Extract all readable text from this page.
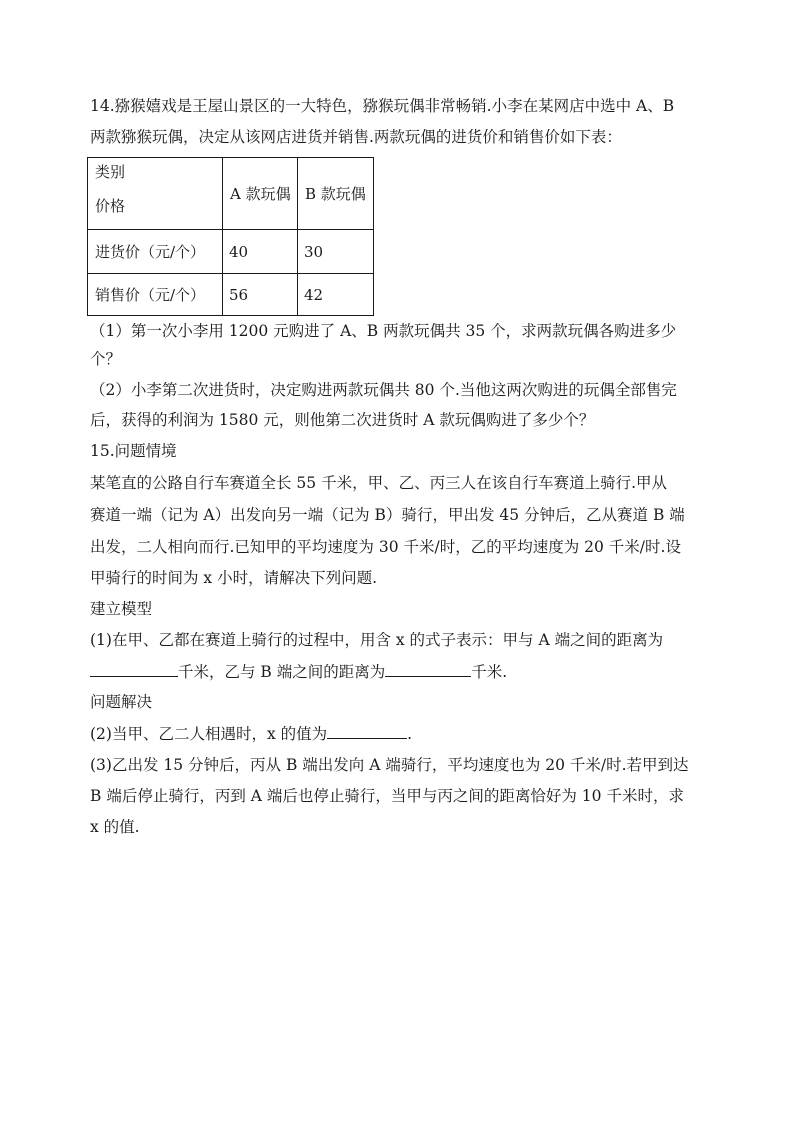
14.猕猴嬉戏是王屋山景区的一大特色，猕猴玩偶非常畅销.小李在某网店中选中 A、B
两款猕猴玩偶，决定从该网店进货并销售.两款玩偶的进货价和销售价如下表：
类别
价格	A 款玩偶	B 款玩偶
进货价（元/个）	40	30
销售价（元/个）	56	42
（1）第一次小李用 1200 元购进了 A、B 两款玩偶共 35 个，求两款玩偶各购进多少
个？
（2）小李第二次进货时，决定购进两款玩偶共 80 个.当他这两次购进的玩偶全部售完
后，获得的利润为 1580 元，则他第二次进货时 A 款玩偶购进了多少个？
15.问题情境
某笔直的公路自行车赛道全长 55 千米，甲、乙、丙三人在该自行车赛道上骑行.甲从
赛道一端（记为 A）出发向另一端（记为 B）骑行，甲出发 45 分钟后，乙从赛道 B 端
出发，二人相向而行.已知甲的平均速度为 30 千米/时，乙的平均速度为 20 千米/时.设
甲骑行的时间为 x 小时，请解决下列问题.
建立模型
(1)在甲、乙都在赛道上骑行的过程中，用含 x 的式子表示：甲与 A 端之间的距离为
千米，乙与 B 端之间的距离为	千米.
问题解决
(2)当甲、乙二人相遇时，x 的值为	.
(3)乙出发 15 分钟后，丙从 B 端出发向 A 端骑行，平均速度也为 20 千米/时.若甲到达
B 端后停止骑行，丙到 A 端后也停止骑行，当甲与丙之间的距离恰好为 10 千米时，求
x 的值.
